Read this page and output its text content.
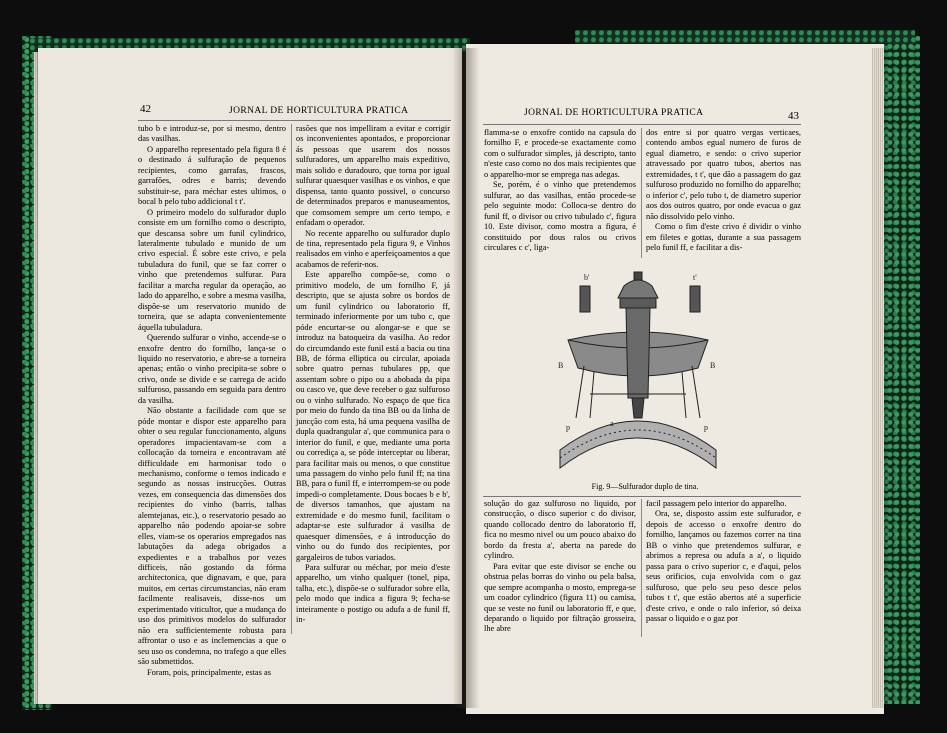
42	JORNAL DE HORTICULTURA PRATICA

tubo b e introduz-se, por si mesmo, dentro das vasilhas.

O apparelho representado pela figura 8 é o destinado á sulfuração de pequenos recipientes, como garrafas, frascos, garrafões, odres e barris; devendo substituir-se, para méchar estes ultimos, o bocal b pelo tubo addicional t t'.

O primeiro modelo do sulfurador duplo consiste em um fornilho como o descripto, que descansa sobre um funil cylindrico, lateralmente tubulado e munido de um crivo especial. É sobre este crivo, e pela tubuladura do funil, que se faz correr o vinho que pretendemos sulfurar. Para facilitar a marcha regular da operação, ao lado do apparelho, e sobre a mesma vasilha, dispõe-se um reservatorio munido de torneira, que se adapta convenientemente áquella tubuladura.

Querendo sulfurar o vinho, accende-se o enxofre dentro do fornilho, lança-se o liquido no reservatorio, e abre-se a torneira apenas; então o vinho precipita-se sobre o crivo, onde se divide e se carrega de acido sulfuroso, passando em seguida para dentro da vasilha.

Não obstante a facilidade com que se póde montar e dispor este apparelho para obter o seu regular funccionamento, alguns operadores impacientavam-se com a collocação da torneira e encontravam até difficuldade em harmonisar todo o mechanismo, conforme o temos indicado e segundo as nossas instrucções. Outras vezes, em consequencia das dimensões dos recipientes do vinho (barris, talhas alemtejanas, etc.), o reservatorio pesado ao apparelho não podendo apoiar-se sobre elles, viam-se os operarios empregados nas labutações da adega obrigados a expedientes e a trabalhos por vezes difficeis, não gostando da fórma architectonica, que dignavam, e que, para muitos, em certas circumstancias, não eram facilmente realisaveis, disse-nos um experimentado viticultor, que a mudança do uso dos primitivos modelos do sulfurador não era sufficientemente robusta para affrontar o uso e as inclemencias a que o seu uso os condemna, no trafego a que elles são submettidos.

Foram, pois, principalmente, estas as

rasões que nos impelliram a evitar e corrigir os inconvenientes apontados, e proporcionar ás pessoas que usarem dos nossos sulfuradores, um apparelho mais expeditivo, mais solido e duradouro, que torna por igual sulfurar quaesquer vasilhas e os vinhos, e que dispensa, tanto quanto possivel, o concurso de determinados preparos e manuseamentos, que comsomem sempre um certo tempo, e enfadam o operador.

No recente apparelho ou sulfurador duplo de tina, representado pela figura 9, e Vinhos realisados em vinho e aperfeiçoamentos a que acabamos de referir-nos.

Este apparelho compõe-se, como o primitivo modelo, de um fornilho F, já descripto, que se ajusta sobre os bordos de um funil cylindrico ou laboratorio ff, terminado inferiormente por um tubo c, que póde encurtar-se ou alongar-se e que se introduz na batoqueira da vasilha. Ao redor do circumdando este funil está a bacia ou tina BB, de fórma elliptica ou circular, apoiada sobre quatro pernas tubulares pp, que assentam sobre o pipo ou a abobada da pipa ou casco ve, que deve receber o gaz sulfuroso ou o vinho sulfurado. No espaço de que fica por meio do fundo da tina BB ou da linha de juncção com esta, há uma pequena vasilha de dupla quadrangular a', que communica para o interior do funil, e que, mediante uma porta ou corrediça a, se póde interceptar ou liberar, para facilitar mais ou menos, o que constitue uma passagem do vinho pelo funil ff; na tina BB, para o funil ff, e interrompem-se ou pode impedi-o completamente. Dous bocaes b e b', de diversos tamanhos, que ajustam na extremidade e do mesmo funil, facilitam o adaptar-se este sulfurador á vasilha de quaesquer dimensões, e á introducção do vinho ou do fundo dos recipientes, por gargaleiros de tubos variados.

Para sulfurar ou méchar, por meio d'este apparelho, um vinho qualquer (tonel, pipa, talha, etc.), dispõe-se o sulfurador sobre ella, pelo modo que indica a figura 9; fecha-se inteiramente o postigo ou adufa a de funil ff, in-

JORNAL DE HORTICULTURA PRATICA	43

flamma-se o enxofre contido na capsula do fornilho F, e procede-se exactamente como com o sulfurador simples, já descripto, tanto n'este caso como no dos mais recipientes que o apparelho-mor se emprega nas adegas.

Se, porém, é o vinho que pretendemos sulfurar, ao das vasilhas, então procede-se pelo seguinte modo: Colloca-se dentro do funil ff, o divisor ou crivo tubulado c', figura 10. Este divisor, como mostra a figura, é constituido por dous ralos ou crivos circulares c c', liga-

dos entre si por quatro vergas verticaes, contendo ambos egual numero de furos de egual diametro, e sendo: o crivo superior atravessado por quatro tubos, abertos nas extremidades, t t', que dão a passagem do gaz sulfuroso produzido no fornilho do apparelho; o inferior c', pelo tubo t, de diametro superior aos dos outros quatro, por onde evacua o gaz não dissolvido pelo vinho.

Como o fim d'este crivo é dividir o vinho em filetes e gottas, durante a sua passagem pelo funil ff, e facilitar a dis-

b'	t'
B	B
p	p
a
Fig. 9—Sulfurador duplo de tina.

solução do gaz sulfuroso no liquido, por construcção, o disco superior c do divisor, quando collocado dentro do laboratorio ff, fica no mesmo nivel ou um pouco abaixo do bordo da fresta a', aberta na parede do cylindro.

Para evitar que este divisor se enche ou obstrua pelas borras do vinho ou pela balsa, que sempre acompanha o mosto, emprega-se um coador cylindrico (figura 11) ou camisa, que se veste no funil ou laboratorio ff, e que, deparando o liquido por filtração grosseira, lhe abre

facil passagem pelo interior do apparelho.

Ora, se, disposto assim este sulfurador, e depois de accesso o enxofre dentro do fornilho, lançamos ou fazemos correr na tina BB o vinho que pretendemos sulfurar, e abrimos a represa ou adufa a a', o liquido passa para o crivo superior c, e d'aqui, pelos seus orificios, cuja envolvida com o gaz sulfuroso, que pelo seu peso desce pelos tubos t t', que estão abertos até a superficie d'este crivo, e onde o ralo inferior, só deixa passar o liquido e o gaz por
